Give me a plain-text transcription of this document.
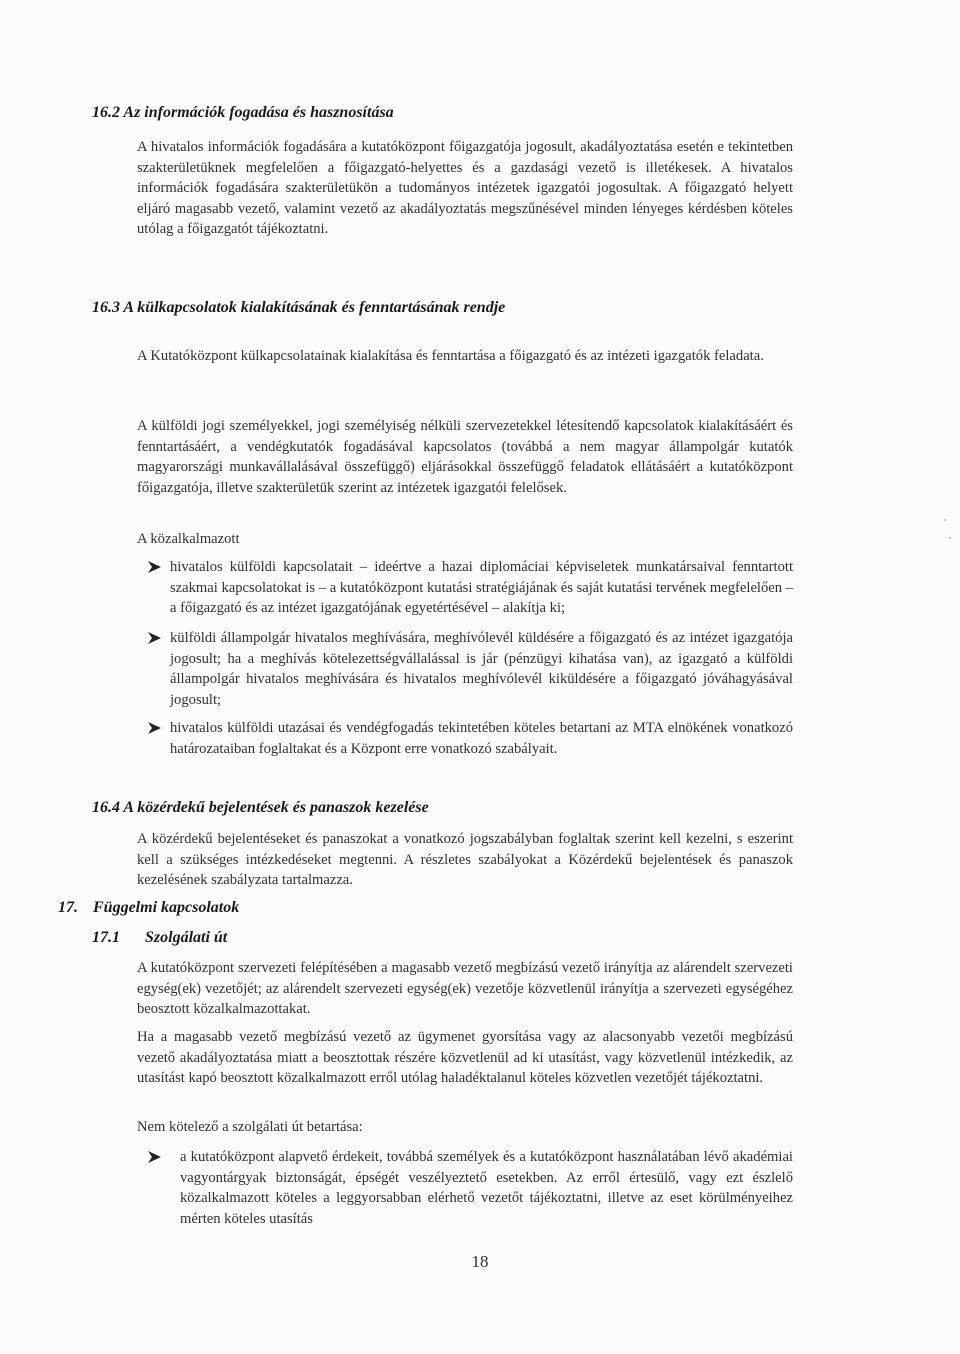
16.2 Az információk fogadása és hasznosítása
A hivatalos információk fogadására a kutatóközpont főigazgatója jogosult, akadályoztatása esetén e tekintetben szakterületüknek megfelelően a főigazgató-helyettes és a gazdasági vezető is illetékesek. A hivatalos információk fogadására szakterületükön a tudományos intézetek igazgatói jogosultak. A főigazgató helyett eljáró magasabb vezető, valamint vezető az akadályoztatás megszűnésével minden lényeges kérdésben köteles utólag a főigazgatót tájékoztatni.
16.3 A külkapcsolatok kialakításának és fenntartásának rendje
A Kutatóközpont külkapcsolatainak kialakítása és fenntartása a főigazgató és az intézeti igazgatók feladata.
A külföldi jogi személyekkel, jogi személyiség nélküli szervezetekkel létesítendő kapcsolatok kialakításáért és fenntartásáért, a vendégkutatók fogadásával kapcsolatos (továbbá a nem magyar állampolgár kutatók magyarországi munkavállalásával összefüggő) eljárásokkal összefüggő feladatok ellátásáért a kutatóközpont főigazgatója, illetve szakterületük szerint az intézetek igazgatói felelősek.
A közalkalmazott
hivatalos külföldi kapcsolatait – ideértve a hazai diplomáciai képviseletek munkatársaival fenntartott szakmai kapcsolatokat is – a kutatóközpont kutatási stratégiájának és saját kutatási tervének megfelelően – a főigazgató és az intézet igazgatójának egyetértésével – alakítja ki;
külföldi állampolgár hivatalos meghívására, meghívólevél küldésére a főigazgató és az intézet igazgatója jogosult; ha a meghívás kötelezettségvállalással is jár (pénzügyi kihatása van), az igazgató a külföldi állampolgár hivatalos meghívására és hivatalos meghívólevél kiküldésére a főigazgató jóváhagyásával jogosult;
hivatalos külföldi utazásai és vendégfogadás tekintetében köteles betartani az MTA elnökének vonatkozó határozataiban foglaltakat és a Központ erre vonatkozó szabályait.
16.4 A közérdekű bejelentések és panaszok kezelése
A közérdekű bejelentéseket és panaszokat a vonatkozó jogszabályban foglaltak szerint kell kezelni, s eszerint kell a szükséges intézkedéseket megtenni. A részletes szabályokat a Közérdekű bejelentések és panaszok kezelésének szabályzata tartalmazza.
17. Függelmi kapcsolatok
17.1 Szolgálati út
A kutatóközpont szervezeti felépítésében a magasabb vezető megbízású vezető irányítja az alárendelt szervezeti egység(ek) vezetőjét; az alárendelt szervezeti egység(ek) vezetője közvetlenül irányítja a szervezeti egységéhez beosztott közalkalmazottakat.
Ha a magasabb vezető megbízású vezető az ügymenet gyorsítása vagy az alacsonyabb vezetői megbízású vezető akadályoztatása miatt a beosztottak részére közvetlenül ad ki utasítást, vagy közvetlenül intézkedik, az utasítást kapó beosztott közalkalmazott erről utólag haladéktalanul köteles közvetlen vezetőjét tájékoztatni.
Nem kötelező a szolgálati út betartása:
a kutatóközpont alapvető érdekeit, továbbá személyek és a kutatóközpont használatában lévő akadémiai vagyontárgyak biztonságát, épségét veszélyeztető esetekben. Az erről értesülő, vagy ezt észlelő közalkalmazott köteles a leggyorsabban elérhető vezetőt tájékoztatni, illetve az eset körülményeihez mérten köteles utasítás
18
